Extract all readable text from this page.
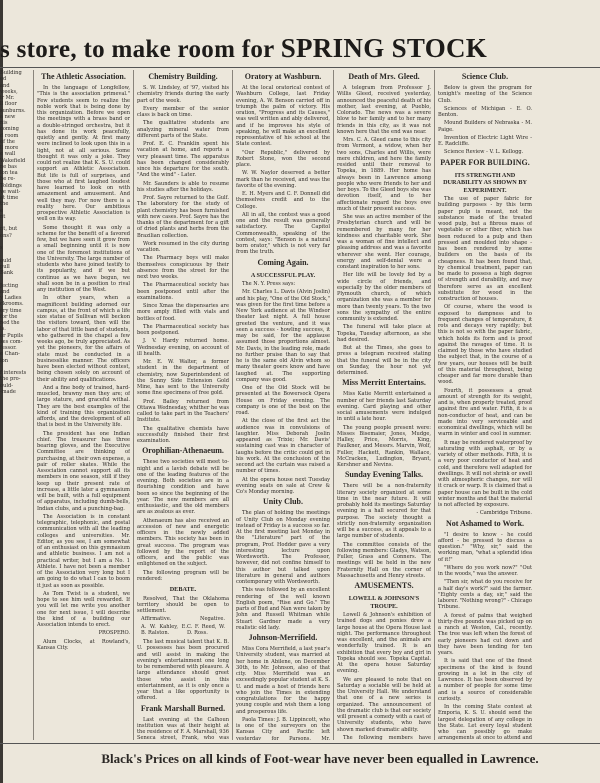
s store, to make room for SPRING STOCK

Building

ed

and

weeks,

ir Mr.

ll floor

sunburns.

a new

nis

coming

d room

of the

ll more

e wall

Wakefield

ne bas

lon tea

he re-

Toldings

ve wait-

at time

the

e

nt

nt, but

ons?

s

ould

pull

Bank

Jecting

and

y Ladies

ckrooms.

ery time

for the

ned the

ls.

or Pupils

ses com-

fessor.

e Chan-

ion

f interests

the pro-

ould-

-made

The Athletic Association.

In the language of Longfellow, "This is the association primeval." Few students seem to realize the noble work that is being done by this organization. Before we open the meetings with a brass band or a double-stringed orchestra, but it has done its work peacefully, quietly and gently. At first many were inclined to look upon this in a light, not at all serious. Some thought it was only a joke. They could not realize that K. S. U. could support an Athletic Association. But life is full of surprises, and those who at first laughed loudest have learned to look on with amazement and amusement. And well they may. For now there is a reality here. Our ambitious prospective Athletic Association is well on its way.

Some thought it was only a scheme for the benefit of a favored few, but we have seen it grow from a small beginning until it is now one of the foremost institutions of the University. The large number of students who have joined testify to its popularity, and if we but continue as we have begun, we shall soon be in a position to rival any institution of the West.

In other years, when a magnificent building adorned our campus, at the front of which a life size statue of Sullivan will beckon the visitors toward, then will the labor of that little band of students, who gathered in the chapel a few weeks ago, be truly appreciated. As yet the pioneers, for the affairs of state must be conducted in a businesslike manner. The officers have been elected without contest, being chosen solely on account of their ability and qualifications.

And a fine body of trained, hard-muscled, brawny men they are; of large stature, and graceful withal. They are the best examples of the kind of training this organization affords, and the development of all that is best in the University life.

The president has one Indian chief. The treasurer has three bearing gloves, and the Executive Committee are thinking of purchasing, at their own expense, a pair of roller skates. While the Association cannot support all its members in one season, still if they keep up their present rate of increase, a little later a gymnasium will be built, with a full equipment of apparatus, including dumb-bells, Indian clubs, and a punching-bag.

The Association is in constant telegraphic, telephonic, and postal communication with all the leading colleges and universities. Mr. Editor, as you see, I am somewhat of an enthusiast on this gymnasium and athletic business. I am not a practical writer, but I am a No. 1 Athlete. I have not been a member of the Association very long but I am going to do what I can to boom it just as soon as possible.

As Tom Twist is a student, we hope to see him well rewarded. If you will let me write you another one for next issue, I will describe the kind of a building our Association intends to erect.

PROSPERO.

Alum Clocks, at Rowland's, Kansas City.

Chemistry Building.

S. W. Lindsley, of '97, visited his chemistry friends during the early part of the week.

Every member of the senior class is back on time.

The qualitative students are analyzing mineral water from different parts of the State.

Prof. E. C. Franklin spent his vacation at home, and reports a very pleasant time. The apparatus has been changed considerably since his departure for the south. "And the wind" - Later.

Mr. Saunders is able to resume his studies after the holidays.

Prof. Sayre returned to the Gulf. The laboratory for the study of plant chemistry has been furnished with new cases. Prof. Sayre has the thanks of the department for a gift of dried plants and herbs from the Brazilian collection.

Work resumed in the city during vacation.

The Pharmacy boys will make themselves conspicuous by their absence from the street for the next two weeks.

The Pharmaceutical society has been postponed until after the examinations.

Since Xmas the dispensaries are more amply filled with vials and bottles of food.

The Pharmaceutical society has been postponed.

J. V. Hardy returned home. Wednesday evening, on account of ill health.

Mr. E. W. Walter, a former student in the department of chemistry, now Superintendent of the Sunny Side Extension Gold Mine, has sent to the University some fine specimens of free gold.

Prof. Bailey returned from Ottawa Wednesday, whither he was called to take part in the Teachers' Institute.

The qualitative chemists have successfully finished their first examination.

Orophilian-Athenaeum.

These two societies will meet to-night and a lavish debate will be one of the leading features of the evening. Both societies are in a flourishing condition and have been so since the beginning of the year. The new members are all enthusiastic, and the old members are as zealous as ever.

Athenaeum has also received an accession of new and energetic officers in the newly added members. This society has been in great success. The program was followed by the report of the officers, and the public was enlightened on the subject.

The following program will be rendered:

DEBATE.

Resolved, That the Oklahoma territory should be open to settlement.

Affirmative.	Negative.
A. W. Kahley, E. B. Ralston.
C. F. Reed, W. D. Ross.

The last musical talent that K. B. U. possesses has been procured and will assist in making the evening's entertainment one long to be remembered with pleasure. A large attendance should greet those who assist in this entertainment, as it is only once a year that a like opportunity is offered.

Frank Marshall Burned.

Last evening at the Calhoun institution was at their height at the residence of F. A. Marshall, 936 Seneca street, Frank, who was

Oratory at Washburn.

At the local oratorical contest of Washburn College, last Friday evening, A. W. Benson carried off in triumph the palm of victory. His oration, "Progress and its Causes," was well written and ably delivered, and if he improves his style of speaking, he will make an excellent representative of his school at the State contest.

"Our Republic," delivered by Robert Stone, won the second place.

W. W. Naylor deserved a better mark than he received, and was the favorite of the evening.

E. H. Myers and C. F. Donnell did themselves credit and to the College.

All in all, the contest was a good one and the result was generally satisfactory. The Capitol Commonwealth, speaking of the contest, says: "Benson is a natural born orator," which is not very far from the truth.

Coming Again.
A SUCCESSFUL PLAY.

The N. Y. Press says:

Mr. Charles L. Davis (Alvin Joslin) and his play, "One of the Old Stock," was given for the first time before a New York audience at the Windsor theater last night. A full house greeted the venture, and it was seen a success - howling success, it may be said, for the applause assumed those proportions almost. Mr. Davis, in the leading role, made no further praise than to say that he is the same old Alvin whom so many theater goers know and have laughed at. The supporting company was good.

One of the Old Stock will be presented at the Bowersock Opera House on Friday evening. The company is one of the best on the road.

At the close of the first act the audience was in convulsions of laughter. Miss Deborah Joslin appeared as Trixie; Mr. Davis' sustaining cast was in character of laughs before the critic could get in his work. At the conclusion of the second act the curtain was raised a number of times.

At the opera house next Tuesday evening seats on sale at Crew & Co's Monday morning.

Unity Club.

The plan of holding the meetings of Unity Club on Monday evening instead of Friday is a success so far. At the first meeting last Monday in the "Literature" part of the program, Prof. Hodder gave a very interesting lecture upon Wordsworth. The Professor, however, did not confine himself to this author but talked upon literature in general and authors contemporary with Wordsworth.

This was followed by an excellent rendering of the well known English poem, "Rise and Go." The parts of Bud and Nan were taken by John and Russell Whitman while Stuart Gardner made a very realistic old lady.

Johnson-Merrifield.

Miss Cora Merrifield, a last year's University student, was married at her home in Abilene, on December 30th, to Mr. Johnson, also of that city. Miss Merrifield was an exceedingly popular student at K. S. U. and made a host of friends here who join the Times in extending congratulations for the happy young couple and wish them a long and prosperous life.

Paola Times: J. B. Lippincott, who is one of the surveyors on the Kansas City and Pacific left yesterday for Parsons. Mr.

Death of Mrs. Gleed.

A telegram from Professor J. Willis Gleed, received yesterday, announced the peaceful death of his mother, last evening, at Pueblo, Colorado. The news was a severe blow to her family and to her many friends in this city, as it was not known here that the end was near.

Mrs. C. A. Gleed came to this city from Vermont, a widow, when her two sons, Charles and Willis, were mere children, and here the family resided until their removal to Topeka, in 1889. Her home has always been in Lawrence among people who were friends to her and her boys. To the Gleed boys she was devotion itself, and to her affectionate regard the boys owe much of their present success.

She was an active member of the Presbyterian church and will be remembered by many for her kindness and charitable work. She was a woman of fine intellect and pleasing address and was a favorite wherever she went. Her courage, energy and self-denial were a constant inspiration to her sons.

Her life will be lovely fed by a wide circle of friends, and especially by the older members of Plymouth church, of which organization she was a member for more than twenty years. To the two sons the sympathy of the entire community is extended.

The funeral will take place at Topeka, Tuesday afternoon, as she had desired.

But at the Times, she goes to press a telegram received stating that the funeral will be in the city on Sunday, the hour not yet determined.

Miss Merritt Entertains.

Miss Katie Merritt entertained a number of her friends last Saturday evening. Card playing and other social amusements were indulged in until a late hour.

The young people present were: Misses Bisemaier, Jones, Mudge, Halley, Price, Morris, King, Faulkner, and Messrs. Marvin, Wolf, Fuller, Hackett, Rankin, Wallace, McCracken, Ludington, Bryant, Kershner and Nevins.

Sunday Evening Talks.

There will be a non-fraternity literary society organized at some time in the near future. It will probably hold its meetings Saturday evening in a hall secured for that purpose. The society thought a strictly non-fraternity organization will be a success, as it appeals to a large number of students.

The committee consists of the following members: Gladys, Watson, Fuller, Grass and Conners. The meetings will be held in the new Fraternity Hall on the corner of Massachusetts and Henry streets.

AMUSEMENTS.
LOWELL & JOHNSON'S TROUPE.

Lowell & Johnson's exhibition of trained dogs and ponies drew a large house at the Opera House last night. The performance throughout was excellent, and the animals are wonderfully trained. It is an exhibition that every boy and girl in Topeka should see. Topeka Capital. At the opera house Saturday evening.

We are pleased to note that on Saturday a sociable will be held at the University Hall. We understand that one of a new series is organized. The announcement of the dramatic club is that our society will present a comedy with a cast of University students, who have shown marked dramatic ability.

The following members have

Science Club.

Below is given the program for tonight's meeting of the Science Club.

Sciences of Michigan - E. O. Benton.

Mound Builders of Nebraska - M. Paige.

Invention of Electric Light Wire - E. Radcliffe.

Science Review - V. L. Kellogg.

PAPER FOR BUILDING.
ITS STRENGTH AND DURABILITY AS SHOWN BY EXPERIMENT.

The use of paper fabric for building purposes - by this term paper pulp is meant, not the substance made of the treated wood pulp, but a fibrous mass of vegetable or other fiber, which has been reduced to a pulp and then pressed and moulded into shape - has been rendered by some builders on the basis of its cheapness. It has been found that, by chemical treatment, paper can be made to possess a high degree of strength and durability, and may therefore serve as an excellent substitute for wood in the construction of houses.

Of course, where the wood is exposed to dampness and to frequent changes of temperature, it rots and decays very rapidly; but this is not so with the paper fabric, which holds its form and is proof against the ravages of time. It is claimed by those who have studied the subject that, in the course of a few years, our houses will be built of this material throughout, being cheaper and far more durable than wood.

Fourth, it possesses a great amount of strength for its weight, and is, when properly treated, proof against fire and water. Fifth, it is a non-conductor of heat, and can be made into very serviceable and economical dwellings, which will be warm in winter and cool in summer.

It may be rendered waterproof by saturating with asphalt, or by a variety of other methods. Fifth, it is a very poor conductor of heat and cold, and therefore well adapted for dwellings. It will not shrink or swell with atmospheric changes, nor will it crack or warp. It is claimed that a paper house can be built in the cold winter months and that the material is not affected by exposure.

- Cambridge Tribune.

Not Ashamed to Work.

"I desire to know - he could afford - be pressed to discuss a question." "Why, sir," said the working man, "what a splendid idea of it!"

"Where do you work now?" "Out in the woods," was the answer.

"Then sir, what do you receive for a half day's work?" said the farmer. "Eighty cents a day, sir," said the laborer. "Nothing wrong?" - Chicago Tribune.

A forest of palms that weighed thirty-five pounds was picked up on a ranch at Weston, Cal., recently. The tree was left when the forest of early pioneers had cut down and they have been tending for ten years.

It is said that one of the finest specimens of the kind is found growing in a lot in the city of Lawrence. It has been observed by a number of people for some time and is a source of considerable curiosity.

In the coming State contest at Emporia, K. S. U. should send the largest delegation of any college in the State. Let every loyal student who can possibly go make arrangements at once to attend and

Black's Prices on all kinds of Foot-wear have never been equalled in Lawrence.
